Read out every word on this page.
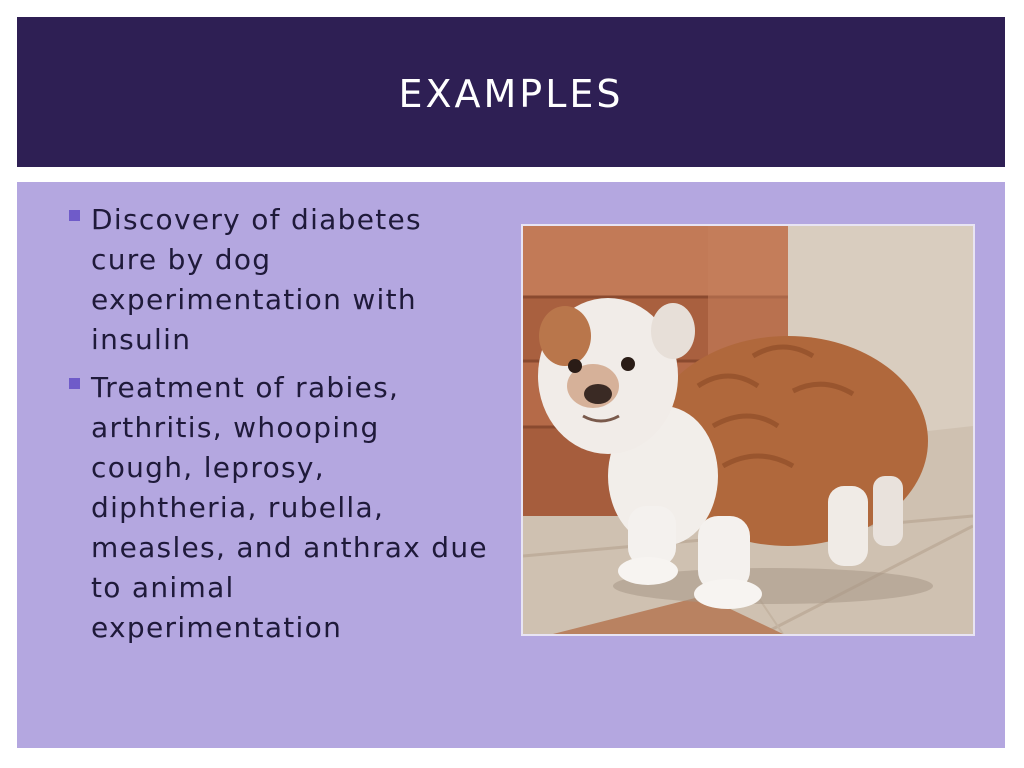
EXAMPLES
Discovery of diabetes cure by dog experimentation with insulin
Treatment of rabies, arthritis, whooping cough, leprosy, diphtheria, rubella, measles, and anthrax due to animal experimentation
